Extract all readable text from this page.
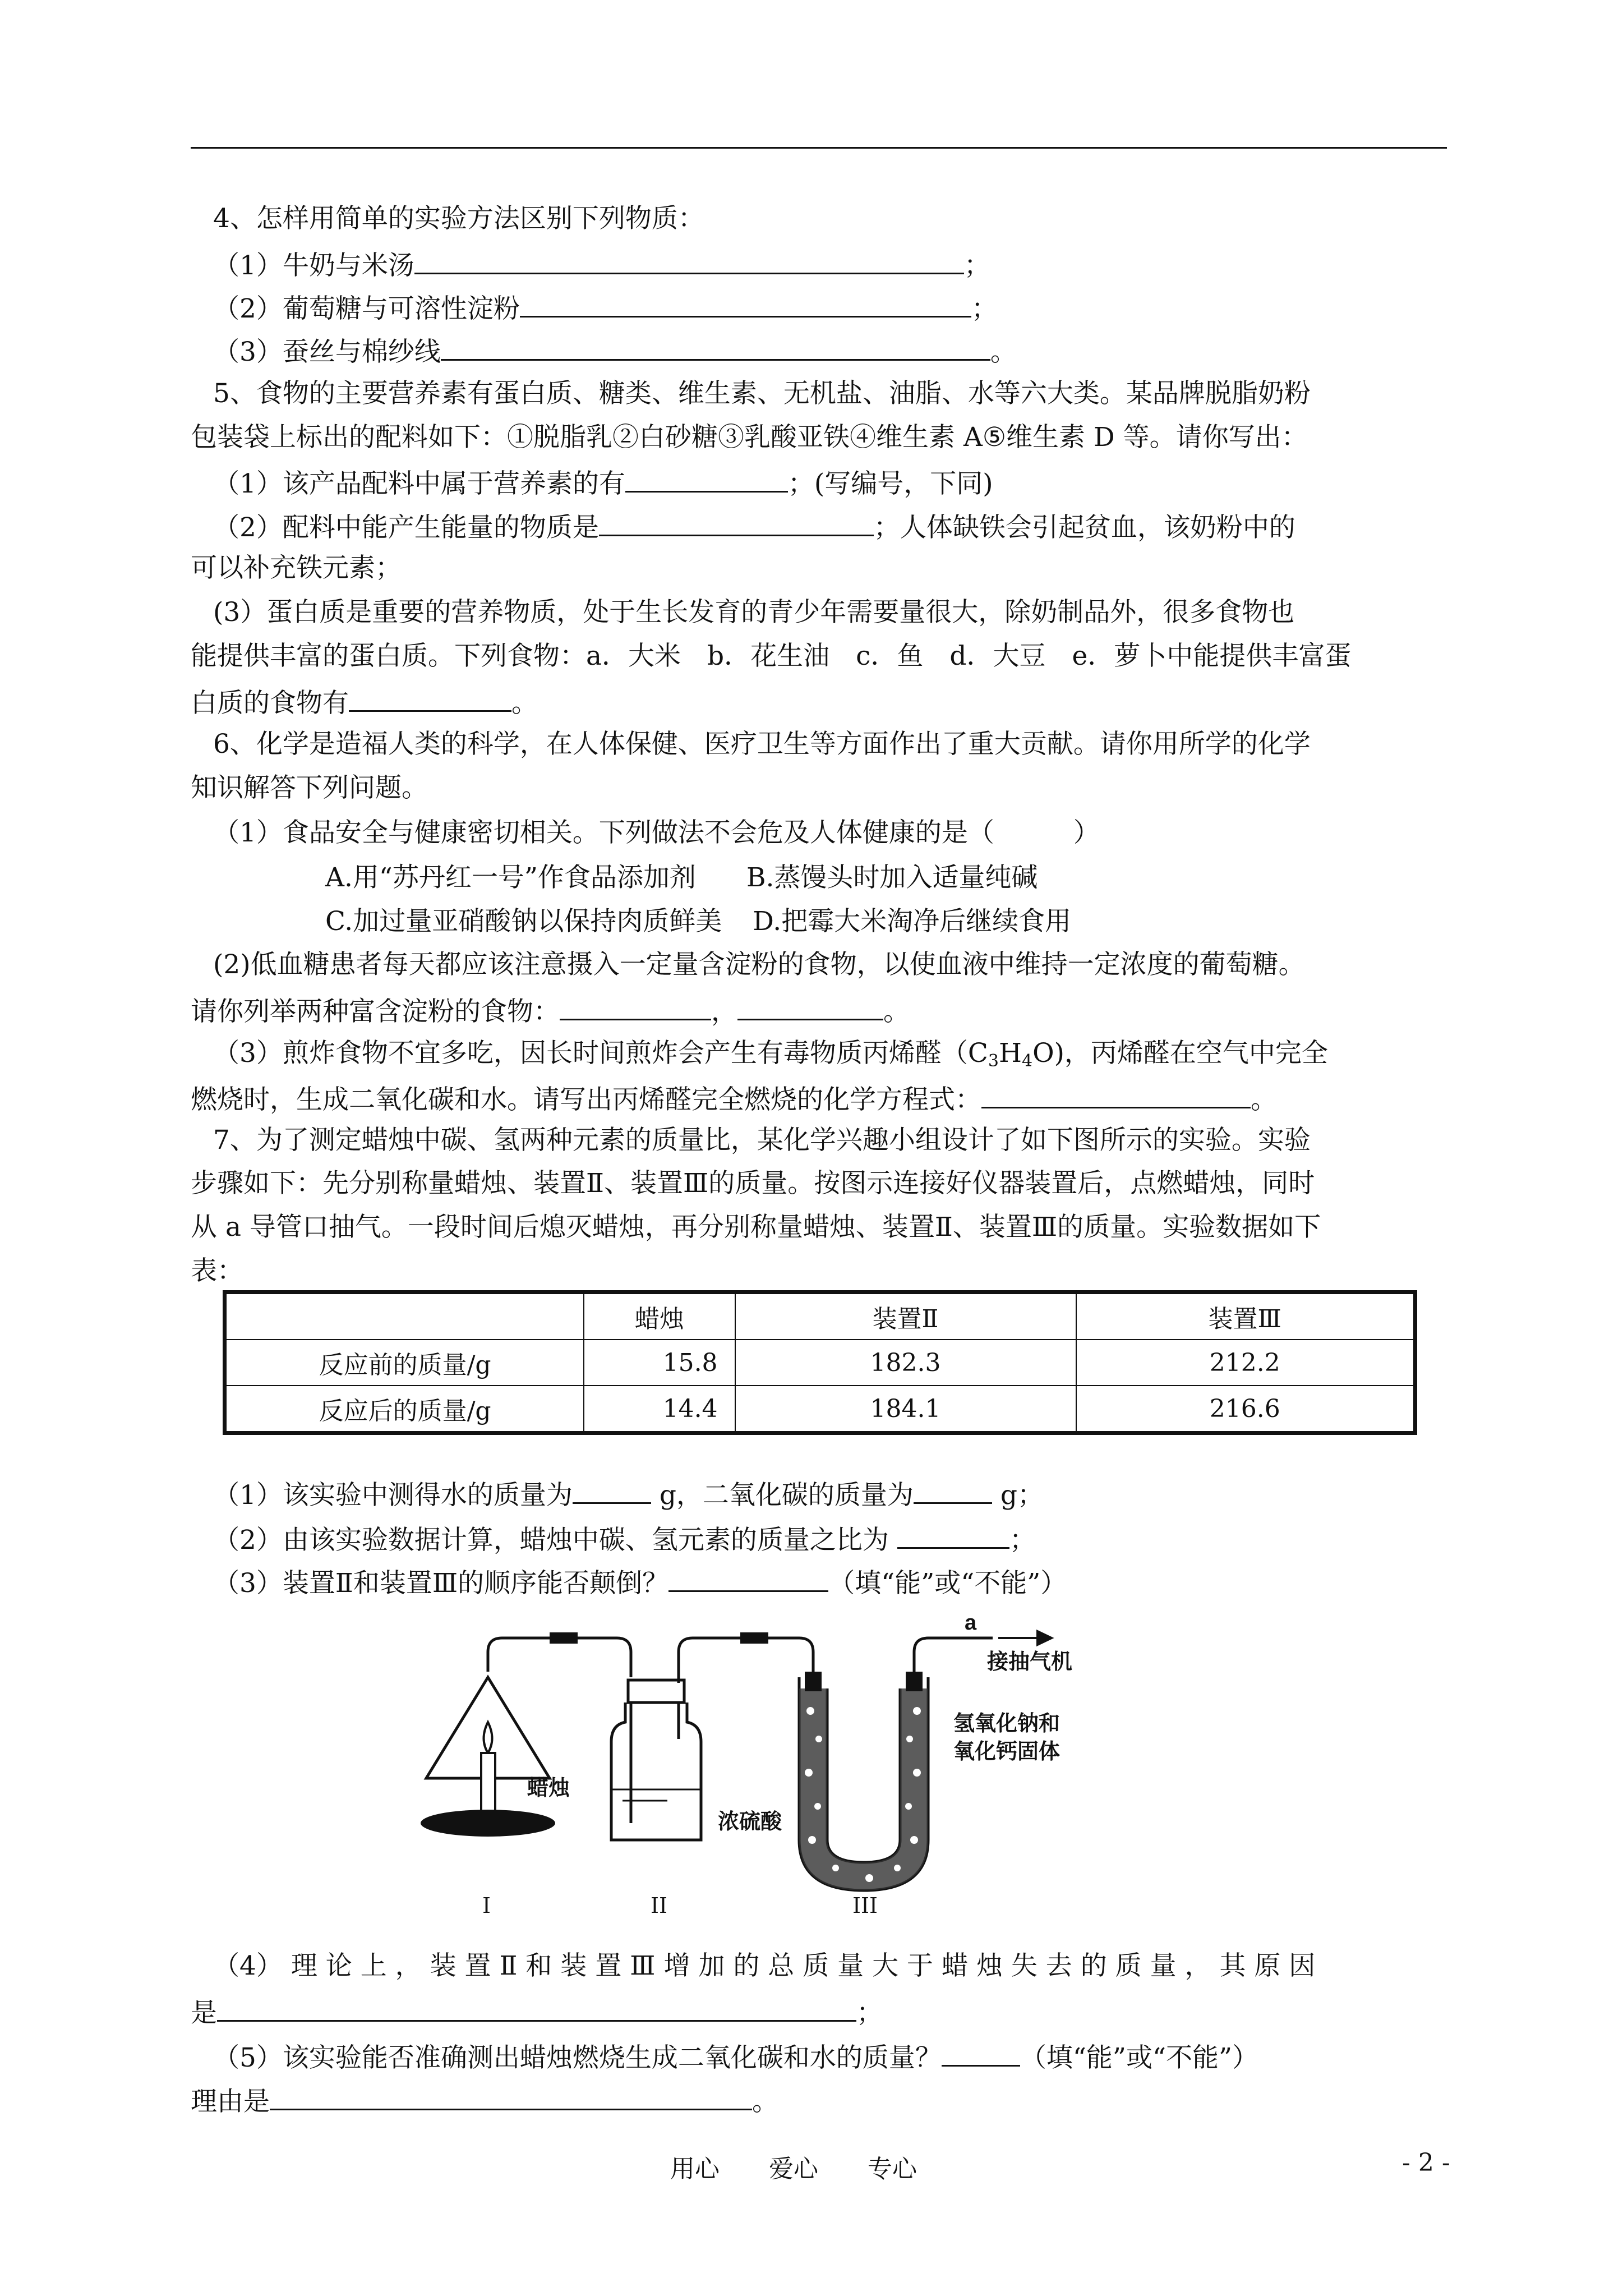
4、怎样用简单的实验方法区别下列物质：
（1）牛奶与米汤	；
（2）葡萄糖与可溶性淀粉	；
（3）蚕丝与棉纱线	。
5、食物的主要营养素有蛋白质、糖类、维生素、无机盐、油脂、水等六大类。某品牌脱脂奶粉
包装袋上标出的配料如下：①脱脂乳②白砂糖③乳酸亚铁④维生素 A⑤维生素 D 等。请你写出：
（1）该产品配料中属于营养素的有	；(写编号，下同)
（2）配料中能产生能量的物质是	；人体缺铁会引起贫血，该奶粉中的
可以补充铁元素；
(3）蛋白质是重要的营养物质，处于生长发育的青少年需要量很大，除奶制品外，很多食物也
能提供丰富的蛋白质。下列食物：a．大米　b．花生油　c．鱼　d．大豆　e．萝卜中能提供丰富蛋
白质的食物有	。
6、化学是造福人类的科学，在人体保健、医疗卫生等方面作出了重大贡献。请你用所学的化学
知识解答下列问题。
（1）食品安全与健康密切相关。下列做法不会危及人体健康的是（　　　）
A.用“苏丹红一号”作食品添加剂 B.蒸馒头时加入适量纯碱
C.加过量亚硝酸钠以保持肉质鲜美 D.把霉大米淘净后继续食用
(2)低血糖患者每天都应该注意摄入一定量含淀粉的食物，以使血液中维持一定浓度的葡萄糖。
请你列举两种富含淀粉的食物：	，	。
（3）煎炸食物不宜多吃，因长时间煎炸会产生有毒物质丙烯醛$(C_3H_4O)$，丙烯醛在空气中完全
燃烧时，生成二氧化碳和水。请写出丙烯醛完全燃烧的化学方程式：	。
7、为了测定蜡烛中碳、氢两种元素的质量比，某化学兴趣小组设计了如下图所示的实验。实验
步骤如下：先分别称量蜡烛、装置Ⅱ、装置Ⅲ的质量。按图示连接好仪器装置后，点燃蜡烛，同时
从 a 导管口抽气。一段时间后熄灭蜡烛，再分别称量蜡烛、装置Ⅱ、装置Ⅲ的质量。实验数据如下
表：
	蜡烛	装置Ⅱ	装置Ⅲ
反应前的质量/g	15.8	182.3	212.2
反应后的质量/g	14.4	184.1	216.6
（1）该实验中测得水的质量为	g，二氧化碳的质量为	g；
（2）由该实验数据计算，蜡烛中碳、氢元素的质量之比为	；
（3）装置Ⅱ和装置Ⅲ的顺序能否颠倒？	（填“能”或“不能”）
a
接抽气机
蜡烛
浓硫酸
氢氧化钠和
氧化钙固体
I	II	III
（4） 理 论 上 ， 装 置 Ⅱ 和 装 置 Ⅲ 增 加 的 总 质 量 大 于 蜡 烛 失 去 的 质 量 ， 其 原 因
是	；
（5）该实验能否准确测出蜡烛燃烧生成二氧化碳和水的质量？	（填“能”或“不能”）
理由是	。
用心　　爱心　　专心	- 2 -
